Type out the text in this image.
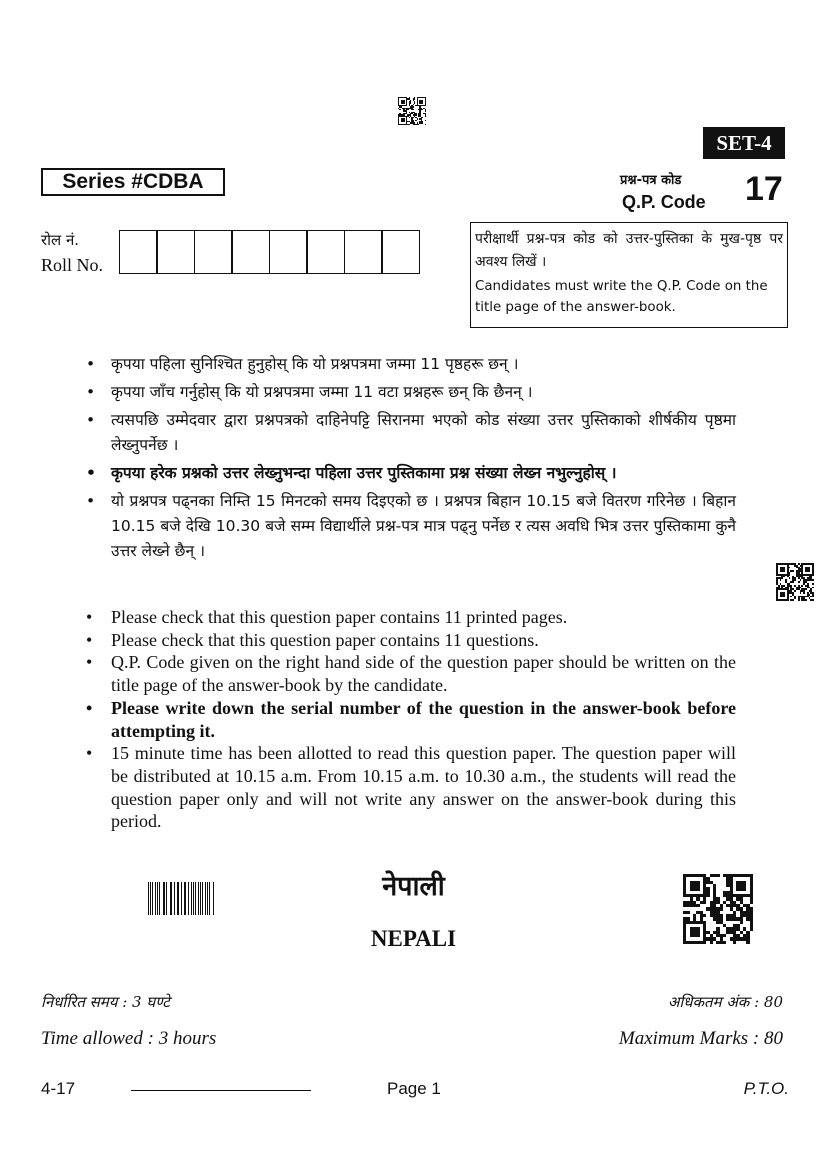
SET-4
Series #CDBA	प्रश्न-पत्र कोड
Q.P. Code 17
रोल नं.
Roll No.
परीक्षार्थी प्रश्न-पत्र कोड को उत्तर-पुस्तिका के मुख-पृष्ठ पर अवश्य लिखें ।
Candidates must write the Q.P. Code on the title page of the answer-book.
• कृपया पहिला सुनिश्चित हुनुहोस् कि यो प्रश्नपत्रमा जम्मा 11 पृष्ठहरू छन् ।
• कृपया जाँच गर्नुहोस् कि यो प्रश्नपत्रमा जम्मा 11 वटा प्रश्नहरू छन् कि छैनन् ।
• त्यसपछि उम्मेदवार द्वारा प्रश्नपत्रको दाहिनेपट्टि सिरानमा भएको कोड संख्या उत्तर पुस्तिकाको शीर्षकीय पृष्ठमा लेख्नुपर्नेछ ।
• कृपया हरेक प्रश्नको उत्तर लेख्नुभन्दा पहिला उत्तर पुस्तिकामा प्रश्न संख्या लेख्न नभुल्नुहोस् ।
• यो प्रश्नपत्र पढ्नका निम्ति 15 मिनटको समय दिइएको छ । प्रश्नपत्र बिहान 10.15 बजे वितरण गरिनेछ । बिहान 10.15 बजे देखि 10.30 बजे सम्म विद्यार्थीले प्रश्न-पत्र मात्र पढ्नु पर्नेछ र त्यस अवधि भित्र उत्तर पुस्तिकामा कुनै उत्तर लेख्ने छैन् ।
• Please check that this question paper contains 11 printed pages.
• Please check that this question paper contains 11 questions.
• Q.P. Code given on the right hand side of the question paper should be written on the title page of the answer-book by the candidate.
• Please write down the serial number of the question in the answer-book before attempting it.
• 15 minute time has been allotted to read this question paper. The question paper will be distributed at 10.15 a.m. From 10.15 a.m. to 10.30 a.m., the students will read the question paper only and will not write any answer on the answer-book during this period.
नेपाली
NEPALI
निर्धारित समय : 3 घण्टे
Time allowed : 3 hours
अधिकतम अंक : 80
Maximum Marks : 80
4-17	Page 1	P.T.O.
